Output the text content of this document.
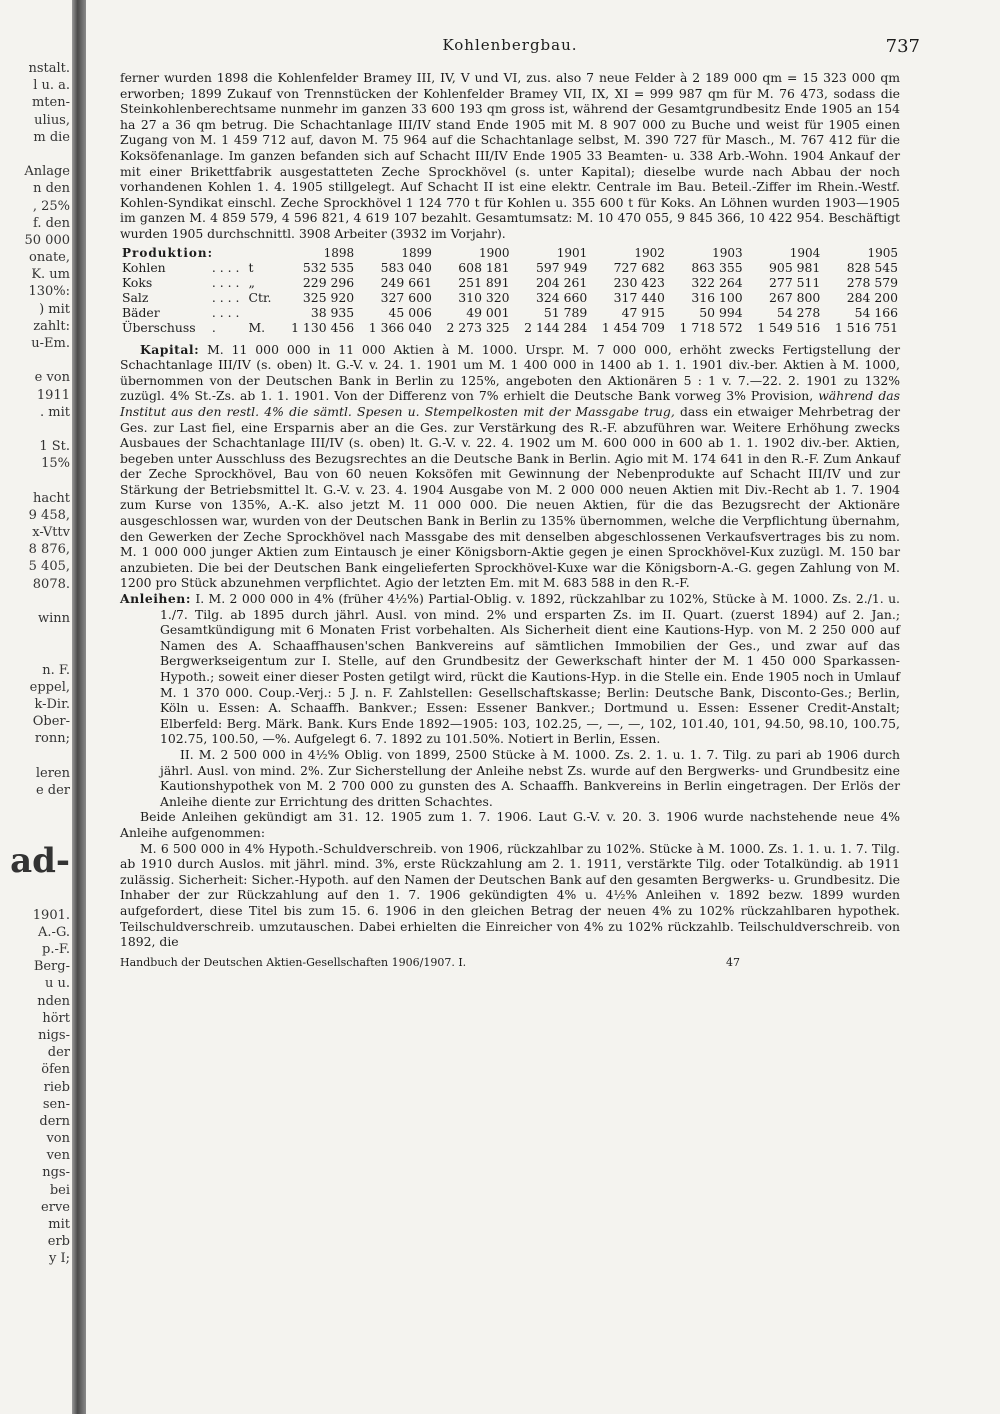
nstalt.
l u. a.
mten-
ulius,
m die
Anlage
n den
, 25%
f. den
50 000
onate,
K. um
130%:
) mit
zahlt:
u-Em.
e von
1911
. mit
1 St.
15%
hacht
9 458,
x-Vttv
8 876,
5 405,
8078.
winn
n. F.
eppel,
k-Dir.
Ober-
ronn;
leren
e der
ad-
1901.
A.-G.
p.-F.
Berg-
u u.
nden
hört
nigs-
der
öfen
rieb
sen-
dern
von
ven
ngs-
bei
erve
mit
erb
y I;
Kohlenbergbau.	737

ferner wurden 1898 die Kohlenfelder Bramey III, IV, V und VI, zus. also 7 neue Felder à 2 189 000 qm = 15 323 000 qm erworben; 1899 Zukauf von Trennstücken der Kohlenfelder Bramey VII, IX, XI = 999 987 qm für M. 76 473, sodass die Steinkohlenberechtsame nunmehr im ganzen 33 600 193 qm gross ist, während der Gesamtgrundbesitz Ende 1905 an 154 ha 27 a 36 qm betrug. Die Schachtanlage III/IV stand Ende 1905 mit M. 8 907 000 zu Buche und weist für 1905 einen Zugang von M. 1 459 712 auf, davon M. 75 964 auf die Schachtanlage selbst, M. 390 727 für Masch., M. 767 412 für die Koksöfenanlage. Im ganzen befanden sich auf Schacht III/IV Ende 1905 33 Beamten- u. 338 Arb.-Wohn. 1904 Ankauf der mit einer Brikettfabrik ausgestatteten Zeche Sprockhövel (s. unter Kapital); dieselbe wurde nach Abbau der noch vorhandenen Kohlen 1. 4. 1905 stillgelegt. Auf Schacht II ist eine elektr. Centrale im Bau. Beteil.-Ziffer im Rhein.-Westf. Kohlen-Syndikat einschl. Zeche Sprockhövel 1 124 770 t für Kohlen u. 355 600 t für Koks. An Löhnen wurden 1903—1905 im ganzen M. 4 859 579, 4 596 821, 4 619 107 bezahlt. Gesamtumsatz: M. 10 470 055, 9 845 366, 10 422 954. Beschäftigt wurden 1905 durchschnittl. 3908 Arbeiter (3932 im Vorjahr).

Produktion:			1898	1899	1900	1901	1902	1903	1904	1905
Kohlen	. . . .	t	532 535	583 040	608 181	597 949	727 682	863 355	905 981	828 545
Koks	. . . .	„	229 296	249 661	251 891	204 261	230 423	322 264	277 511	278 579
Salz	. . . .	Ctr.	325 920	327 600	310 320	324 660	317 440	316 100	267 800	284 200
Bäder	. . . .		38 935	45 006	49 001	51 789	47 915	50 994	54 278	54 166
Überschuss	.	M.	1 130 456	1 366 040	2 273 325	2 144 284	1 454 709	1 718 572	1 549 516	1 516 751

Kapital: M. 11 000 000 in 11 000 Aktien à M. 1000. Urspr. M. 7 000 000, erhöht zwecks Fertigstellung der Schachtanlage III/IV (s. oben) lt. G.-V. v. 24. 1. 1901 um M. 1 400 000 in 1400 ab 1. 1. 1901 div.-ber. Aktien à M. 1000, übernommen von der Deutschen Bank in Berlin zu 125%, angeboten den Aktionären 5 : 1 v. 7.—22. 2. 1901 zu 132% zuzügl. 4% St.-Zs. ab 1. 1. 1901. Von der Differenz von 7% erhielt die Deutsche Bank vorweg 3% Provision, während das Institut aus den restl. 4% die sämtl. Spesen u. Stempelkosten mit der Massgabe trug, dass ein etwaiger Mehrbetrag der Ges. zur Last fiel, eine Ersparnis aber an die Ges. zur Verstärkung des R.-F. abzuführen war. Weitere Erhöhung zwecks Ausbaues der Schachtanlage III/IV (s. oben) lt. G.-V. v. 22. 4. 1902 um M. 600 000 in 600 ab 1. 1. 1902 div.-ber. Aktien, begeben unter Ausschluss des Bezugsrechtes an die Deutsche Bank in Berlin. Agio mit M. 174 641 in den R.-F. Zum Ankauf der Zeche Sprockhövel, Bau von 60 neuen Koksöfen mit Gewinnung der Nebenprodukte auf Schacht III/IV und zur Stärkung der Betriebsmittel lt. G.-V. v. 23. 4. 1904 Ausgabe von M. 2 000 000 neuen Aktien mit Div.-Recht ab 1. 7. 1904 zum Kurse von 135%, A.-K. also jetzt M. 11 000 000. Die neuen Aktien, für die das Bezugsrecht der Aktionäre ausgeschlossen war, wurden von der Deutschen Bank in Berlin zu 135% übernommen, welche die Verpflichtung übernahm, den Gewerken der Zeche Sprockhövel nach Massgabe des mit denselben abgeschlossenen Verkaufsvertrages bis zu nom. M. 1 000 000 junger Aktien zum Eintausch je einer Königsborn-Aktie gegen je einen Sprockhövel-Kux zuzügl. M. 150 bar anzubieten. Die bei der Deutschen Bank eingelieferten Sprockhövel-Kuxe war die Königsborn-A.-G. gegen Zahlung von M. 1200 pro Stück abzunehmen verpflichtet. Agio der letzten Em. mit M. 683 588 in den R.-F.

Anleihen: I. M. 2 000 000 in 4% (früher 4½%) Partial-Oblig. v. 1892, rückzahlbar zu 102%, Stücke à M. 1000. Zs. 2./1. u. 1./7. Tilg. ab 1895 durch jährl. Ausl. von mind. 2% und ersparten Zs. im II. Quart. (zuerst 1894) auf 2. Jan.; Gesamtkündigung mit 6 Monaten Frist vorbehalten. Als Sicherheit dient eine Kautions-Hyp. von M. 2 250 000 auf Namen des A. Schaaffhausen'schen Bankvereins auf sämtlichen Immobilien der Ges., und zwar auf das Bergwerkseigentum zur I. Stelle, auf den Grundbesitz der Gewerkschaft hinter der M. 1 450 000 Sparkassen-Hypoth.; soweit einer dieser Posten getilgt wird, rückt die Kautions-Hyp. in die Stelle ein. Ende 1905 noch in Umlauf M. 1 370 000. Coup.-Verj.: 5 J. n. F. Zahlstellen: Gesellschaftskasse; Berlin: Deutsche Bank, Disconto-Ges.; Berlin, Köln u. Essen: A. Schaaffh. Bankver.; Essen: Essener Bankver.; Dortmund u. Essen: Essener Credit-Anstalt; Elberfeld: Berg. Märk. Bank. Kurs Ende 1892—1905: 103, 102.25, —, —, —, 102, 101.40, 101, 94.50, 98.10, 100.75, 102.75, 100.50, —%. Aufgelegt 6. 7. 1892 zu 101.50%. Notiert in Berlin, Essen.

II. M. 2 500 000 in 4½% Oblig. von 1899, 2500 Stücke à M. 1000. Zs. 2. 1. u. 1. 7. Tilg. zu pari ab 1906 durch jährl. Ausl. von mind. 2%. Zur Sicherstellung der Anleihe nebst Zs. wurde auf den Bergwerks- und Grundbesitz eine Kautionshypothek von M. 2 700 000 zu gunsten des A. Schaaffh. Bankvereins in Berlin eingetragen. Der Erlös der Anleihe diente zur Errichtung des dritten Schachtes.

Beide Anleihen gekündigt am 31. 12. 1905 zum 1. 7. 1906. Laut G.-V. v. 20. 3. 1906 wurde nachstehende neue 4% Anleihe aufgenommen:

M. 6 500 000 in 4% Hypoth.-Schuldverschreib. von 1906, rückzahlbar zu 102%. Stücke à M. 1000. Zs. 1. 1. u. 1. 7. Tilg. ab 1910 durch Auslos. mit jährl. mind. 3%, erste Rückzahlung am 2. 1. 1911, verstärkte Tilg. oder Totalkündig. ab 1911 zulässig. Sicherheit: Sicher.-Hypoth. auf den Namen der Deutschen Bank auf den gesamten Bergwerks- u. Grundbesitz. Die Inhaber der zur Rückzahlung auf den 1. 7. 1906 gekündigten 4% u. 4½% Anleihen v. 1892 bezw. 1899 wurden aufgefordert, diese Titel bis zum 15. 6. 1906 in den gleichen Betrag der neuen 4% zu 102% rückzahlbaren hypothek. Teilschuldverschreib. umzutauschen. Dabei erhielten die Einreicher von 4% zu 102% rückzahlb. Teilschuldverschreib. von 1892, die

Handbuch der Deutschen Aktien-Gesellschaften 1906/1907. I.	47
